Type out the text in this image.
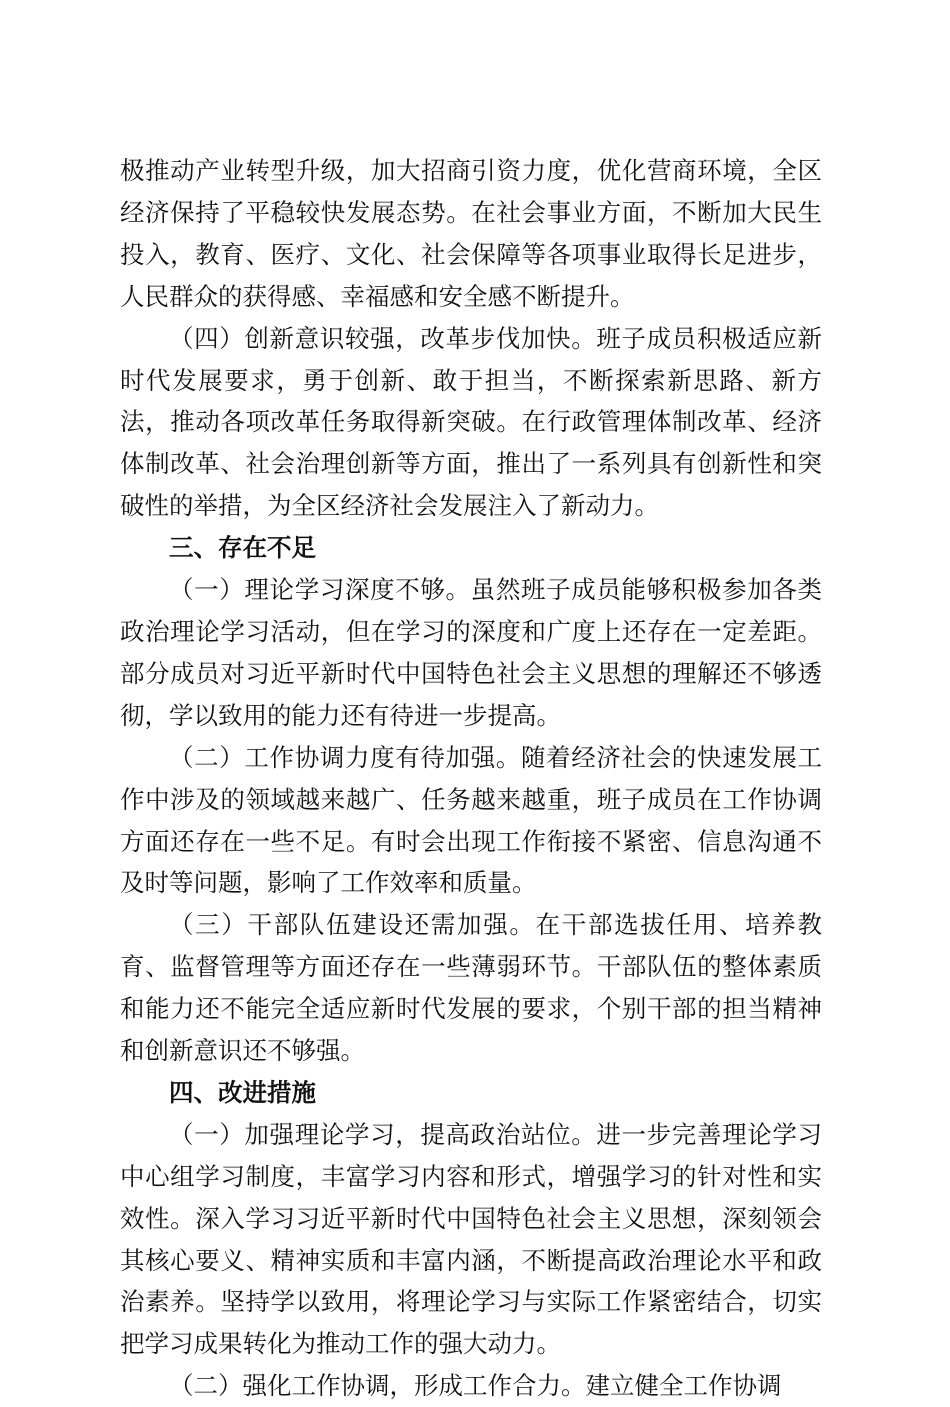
极推动产业转型升级，加大招商引资力度，优化营商环境，全区经济保持了平稳较快发展态势。在社会事业方面，不断加大民生投入，教育、医疗、文化、社会保障等各项事业取得长足进步，人民群众的获得感、幸福感和安全感不断提升。

（四）创新意识较强，改革步伐加快。班子成员积极适应新时代发展要求，勇于创新、敢于担当，不断探索新思路、新方法，推动各项改革任务取得新突破。在行政管理体制改革、经济体制改革、社会治理创新等方面，推出了一系列具有创新性和突破性的举措，为全区经济社会发展注入了新动力。

三、存在不足

（一）理论学习深度不够。虽然班子成员能够积极参加各类政治理论学习活动，但在学习的深度和广度上还存在一定差距。部分成员对习近平新时代中国特色社会主义思想的理解还不够透彻，学以致用的能力还有待进一步提高。

（二）工作协调力度有待加强。随着经济社会的快速发展工作中涉及的领域越来越广、任务越来越重，班子成员在工作协调方面还存在一些不足。有时会出现工作衔接不紧密、信息沟通不及时等问题，影响了工作效率和质量。

（三）干部队伍建设还需加强。在干部选拔任用、培养教育、监督管理等方面还存在一些薄弱环节。干部队伍的整体素质和能力还不能完全适应新时代发展的要求，个别干部的担当精神和创新意识还不够强。

四、改进措施

（一）加强理论学习，提高政治站位。进一步完善理论学习中心组学习制度，丰富学习内容和形式，增强学习的针对性和实效性。深入学习习近平新时代中国特色社会主义思想，深刻领会其核心要义、精神实质和丰富内涵，不断提高政治理论水平和政治素养。坚持学以致用，将理论学习与实际工作紧密结合，切实把学习成果转化为推动工作的强大动力。

（二）强化工作协调，形成工作合力。建立健全工作协调
